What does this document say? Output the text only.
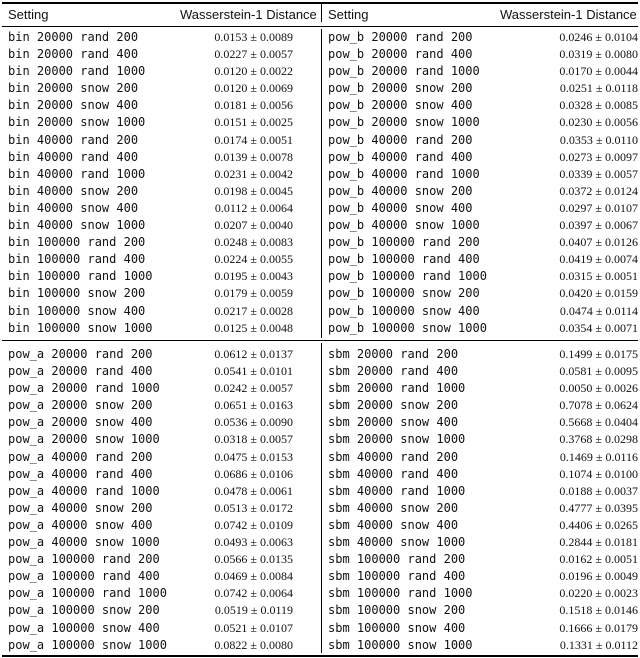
Setting	Wasserstein-1 Distance Setting	Wasserstein-1 Distance
bin 20000 rand 200	0.0153 ± 0.0089
bin 20000 rand 400	0.0227 ± 0.0057
bin 20000 rand 1000	0.0120 ± 0.0022
bin 20000 snow 200	0.0120 ± 0.0069
bin 20000 snow 400	0.0181 ± 0.0056
bin 20000 snow 1000	0.0151 ± 0.0025
bin 40000 rand 200	0.0174 ± 0.0051
bin 40000 rand 400	0.0139 ± 0.0078
bin 40000 rand 1000	0.0231 ± 0.0042
bin 40000 snow 200	0.0198 ± 0.0045
bin 40000 snow 400	0.0112 ± 0.0064
bin 40000 snow 1000	0.0207 ± 0.0040
bin 100000 rand 200	0.0248 ± 0.0083
bin 100000 rand 400	0.0224 ± 0.0055
bin 100000 rand 1000	0.0195 ± 0.0043
bin 100000 snow 200	0.0179 ± 0.0059
bin 100000 snow 400	0.0217 ± 0.0028
bin 100000 snow 1000	0.0125 ± 0.0048
pow_b 20000 rand 200	0.0246 ± 0.0104
pow_b 20000 rand 400	0.0319 ± 0.0080
pow_b 20000 rand 1000	0.0170 ± 0.0044
pow_b 20000 snow 200	0.0251 ± 0.0118
pow_b 20000 snow 400	0.0328 ± 0.0085
pow_b 20000 snow 1000	0.0230 ± 0.0056
pow_b 40000 rand 200	0.0353 ± 0.0110
pow_b 40000 rand 400	0.0273 ± 0.0097
pow_b 40000 rand 1000	0.0339 ± 0.0057
pow_b 40000 snow 200	0.0372 ± 0.0124
pow_b 40000 snow 400	0.0297 ± 0.0107
pow_b 40000 snow 1000	0.0397 ± 0.0067
pow_b 100000 rand 200	0.0407 ± 0.0126
pow_b 100000 rand 400	0.0419 ± 0.0074
pow_b 100000 rand 1000	0.0315 ± 0.0051
pow_b 100000 snow 200	0.0420 ± 0.0159
pow_b 100000 snow 400	0.0474 ± 0.0114
pow_b 100000 snow 1000	0.0354 ± 0.0071
pow_a 20000 rand 200	0.0612 ± 0.0137
pow_a 20000 rand 400	0.0541 ± 0.0101
pow_a 20000 rand 1000	0.0242 ± 0.0057
pow_a 20000 snow 200	0.0651 ± 0.0163
pow_a 20000 snow 400	0.0536 ± 0.0090
pow_a 20000 snow 1000	0.0318 ± 0.0057
pow_a 40000 rand 200	0.0475 ± 0.0153
pow_a 40000 rand 400	0.0686 ± 0.0106
pow_a 40000 rand 1000	0.0478 ± 0.0061
pow_a 40000 snow 200	0.0513 ± 0.0172
pow_a 40000 snow 400	0.0742 ± 0.0109
pow_a 40000 snow 1000	0.0493 ± 0.0063
pow_a 100000 rand 200	0.0566 ± 0.0135
pow_a 100000 rand 400	0.0469 ± 0.0084
pow_a 100000 rand 1000	0.0742 ± 0.0064
pow_a 100000 snow 200	0.0519 ± 0.0119
pow_a 100000 snow 400	0.0521 ± 0.0107
pow_a 100000 snow 1000	0.0822 ± 0.0080
sbm 20000 rand 200	0.1499 ± 0.0175
sbm 20000 rand 400	0.0581 ± 0.0095
sbm 20000 rand 1000	0.0050 ± 0.0026
sbm 20000 snow 200	0.7078 ± 0.0624
sbm 20000 snow 400	0.5668 ± 0.0404
sbm 20000 snow 1000	0.3768 ± 0.0298
sbm 40000 rand 200	0.1469 ± 0.0116
sbm 40000 rand 400	0.1074 ± 0.0100
sbm 40000 rand 1000	0.0188 ± 0.0037
sbm 40000 snow 200	0.4777 ± 0.0395
sbm 40000 snow 400	0.4406 ± 0.0265
sbm 40000 snow 1000	0.2844 ± 0.0181
sbm 100000 rand 200	0.0162 ± 0.0051
sbm 100000 rand 400	0.0196 ± 0.0049
sbm 100000 rand 1000	0.0220 ± 0.0023
sbm 100000 snow 200	0.1518 ± 0.0146
sbm 100000 snow 400	0.1666 ± 0.0179
sbm 100000 snow 1000	0.1331 ± 0.0112
